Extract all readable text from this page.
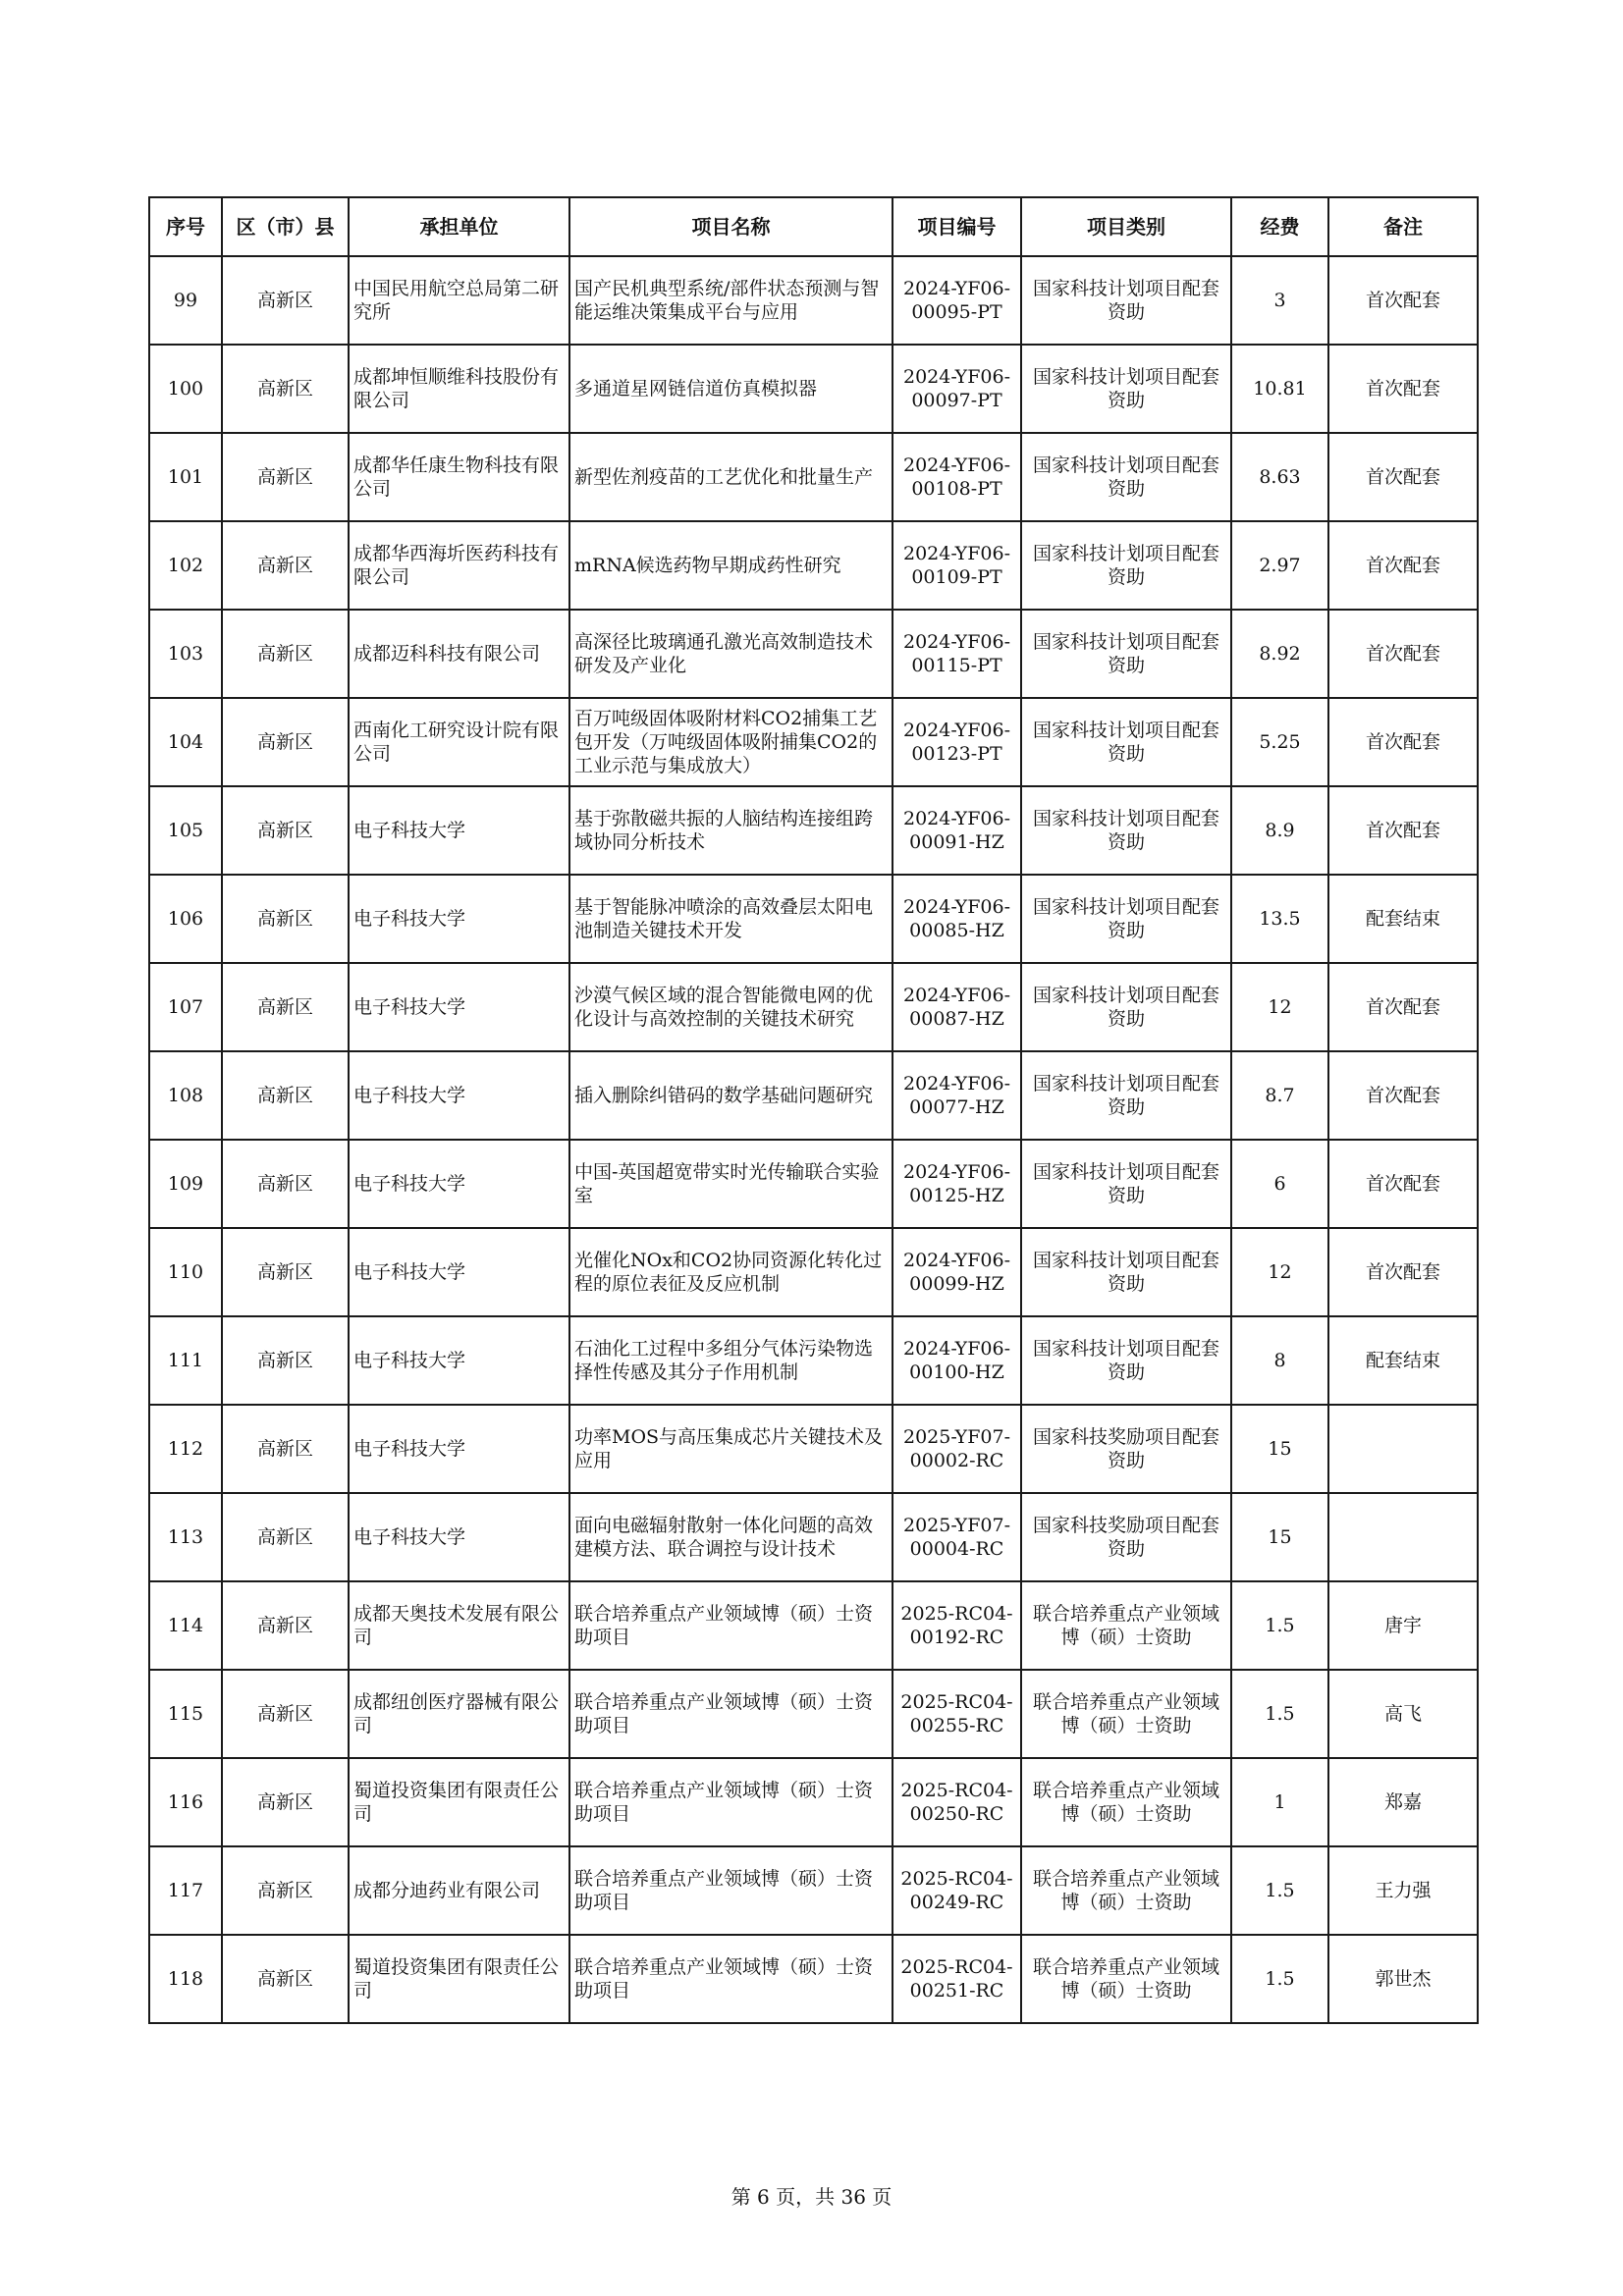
序号	区（市）县	承担单位	项目名称	项目编号	项目类别	经费	备注
99	高新区	中国民用航空总局第二研究所	国产民机典型系统/部件状态预测与智能运维决策集成平台与应用	2024-YF06-00095-PT	国家科技计划项目配套资助	3	首次配套
100	高新区	成都坤恒顺维科技股份有限公司	多通道星网链信道仿真模拟器	2024-YF06-00097-PT	国家科技计划项目配套资助	10.81	首次配套
101	高新区	成都华任康生物科技有限公司	新型佐剂疫苗的工艺优化和批量生产	2024-YF06-00108-PT	国家科技计划项目配套资助	8.63	首次配套
102	高新区	成都华西海圻医药科技有限公司	mRNA候选药物早期成药性研究	2024-YF06-00109-PT	国家科技计划项目配套资助	2.97	首次配套
103	高新区	成都迈科科技有限公司	高深径比玻璃通孔激光高效制造技术研发及产业化	2024-YF06-00115-PT	国家科技计划项目配套资助	8.92	首次配套
104	高新区	西南化工研究设计院有限公司	百万吨级固体吸附材料CO2捕集工艺包开发（万吨级固体吸附捕集CO2的工业示范与集成放大）	2024-YF06-00123-PT	国家科技计划项目配套资助	5.25	首次配套
105	高新区	电子科技大学	基于弥散磁共振的人脑结构连接组跨域协同分析技术	2024-YF06-00091-HZ	国家科技计划项目配套资助	8.9	首次配套
106	高新区	电子科技大学	基于智能脉冲喷涂的高效叠层太阳电池制造关键技术开发	2024-YF06-00085-HZ	国家科技计划项目配套资助	13.5	配套结束
107	高新区	电子科技大学	沙漠气候区域的混合智能微电网的优化设计与高效控制的关键技术研究	2024-YF06-00087-HZ	国家科技计划项目配套资助	12	首次配套
108	高新区	电子科技大学	插入删除纠错码的数学基础问题研究	2024-YF06-00077-HZ	国家科技计划项目配套资助	8.7	首次配套
109	高新区	电子科技大学	中国-英国超宽带实时光传输联合实验室	2024-YF06-00125-HZ	国家科技计划项目配套资助	6	首次配套
110	高新区	电子科技大学	光催化NOx和CO2协同资源化转化过程的原位表征及反应机制	2024-YF06-00099-HZ	国家科技计划项目配套资助	12	首次配套
111	高新区	电子科技大学	石油化工过程中多组分气体污染物选择性传感及其分子作用机制	2024-YF06-00100-HZ	国家科技计划项目配套资助	8	配套结束
112	高新区	电子科技大学	功率MOS与高压集成芯片关键技术及应用	2025-YF07-00002-RC	国家科技奖励项目配套资助	15	
113	高新区	电子科技大学	面向电磁辐射散射一体化问题的高效建模方法、联合调控与设计技术	2025-YF07-00004-RC	国家科技奖励项目配套资助	15	
114	高新区	成都天奥技术发展有限公司	联合培养重点产业领域博（硕）士资助项目	2025-RC04-00192-RC	联合培养重点产业领域博（硕）士资助	1.5	唐宇
115	高新区	成都纽创医疗器械有限公司	联合培养重点产业领域博（硕）士资助项目	2025-RC04-00255-RC	联合培养重点产业领域博（硕）士资助	1.5	高飞
116	高新区	蜀道投资集团有限责任公司	联合培养重点产业领域博（硕）士资助项目	2025-RC04-00250-RC	联合培养重点产业领域博（硕）士资助	1	郑嘉
117	高新区	成都分迪药业有限公司	联合培养重点产业领域博（硕）士资助项目	2025-RC04-00249-RC	联合培养重点产业领域博（硕）士资助	1.5	王力强
118	高新区	蜀道投资集团有限责任公司	联合培养重点产业领域博（硕）士资助项目	2025-RC04-00251-RC	联合培养重点产业领域博（硕）士资助	1.5	郭世杰
第 6 页，共 36 页
